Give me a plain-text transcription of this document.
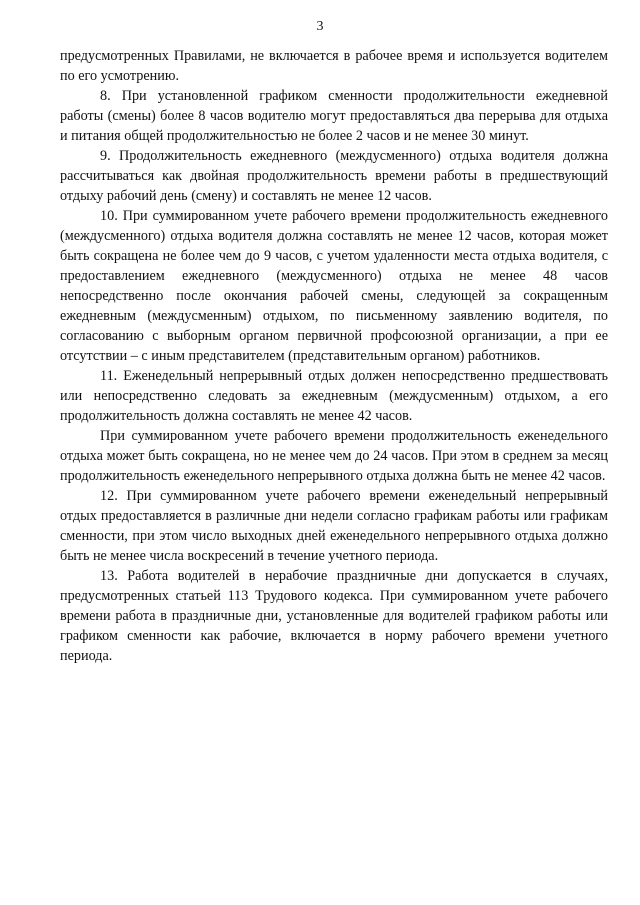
3

предусмотренных Правилами, не включается в рабочее время и используется водителем по его усмотрению.

8. При установленной графиком сменности продолжительности ежедневной работы (смены) более 8 часов водителю могут предоставляться два перерыва для отдыха и питания общей продолжительностью не более 2 часов и не менее 30 минут.

9. Продолжительность ежедневного (междусменного) отдыха водителя должна рассчитываться как двойная продолжительность времени работы в предшествующий отдыху рабочий день (смену) и составлять не менее 12 часов.

10. При суммированном учете рабочего времени продолжительность ежедневного (междусменного) отдыха водителя должна составлять не менее 12 часов, которая может быть сокращена не более чем до 9 часов, с учетом удаленности места отдыха водителя, с предоставлением ежедневного (междусменного) отдыха не менее 48 часов непосредственно после окончания рабочей смены, следующей за сокращенным ежедневным (междусменным) отдыхом, по письменному заявлению водителя, по согласованию с выборным органом первичной профсоюзной организации, а при ее отсутствии – с иным представителем (представительным органом) работников.

11. Еженедельный непрерывный отдых должен непосредственно предшествовать или непосредственно следовать за ежедневным (междусменным) отдыхом, а его продолжительность должна составлять не менее 42 часов.

При суммированном учете рабочего времени продолжительность еженедельного отдыха может быть сокращена, но не менее чем до 24 часов. При этом в среднем за месяц продолжительность еженедельного непрерывного отдыха должна быть не менее 42 часов.

12. При суммированном учете рабочего времени еженедельный непрерывный отдых предоставляется в различные дни недели согласно графикам работы или графикам сменности, при этом число выходных дней еженедельного непрерывного отдыха должно быть не менее числа воскресений в течение учетного периода.

13. Работа водителей в нерабочие праздничные дни допускается в случаях, предусмотренных статьей 113 Трудового кодекса. При суммированном учете рабочего времени работа в праздничные дни, установленные для водителей графиком работы или графиком сменности как рабочие, включается в норму рабочего времени учетного периода.
